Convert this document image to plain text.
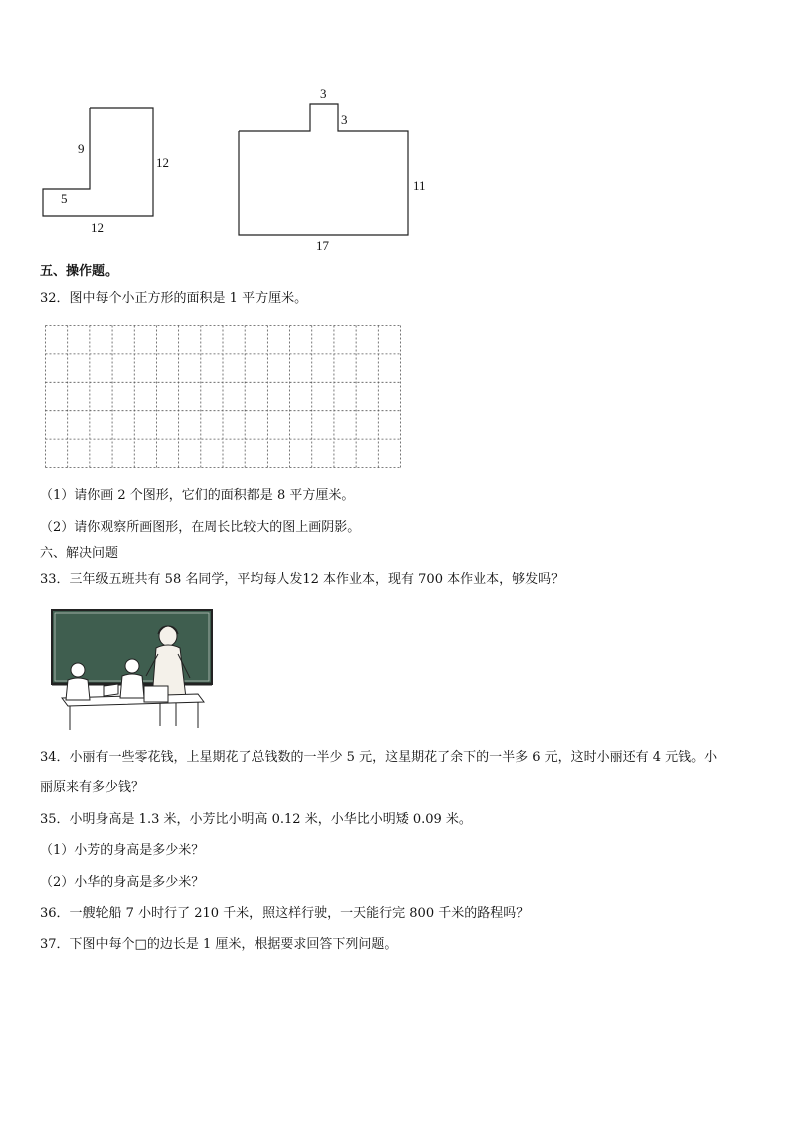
9
12
5
12
3
3
11
17
五、操作题。
32．图中每个小正方形的面积是 1 平方厘米。
（1）请你画 2 个图形，它们的面积都是 8 平方厘米。
（2）请你观察所画图形，在周长比较大的图上画阴影。
六、解决问题
33．三年级五班共有 58 名同学，平均每人发12 本作业本，现有 700 本作业本，够发吗？
34．小丽有一些零花钱，上星期花了总钱数的一半少 5 元，这星期花了余下的一半多 6 元，这时小丽还有 4 元钱。小
丽原来有多少钱？
35．小明身高是 1.3 米，小芳比小明高 0.12 米，小华比小明矮 0.09 米。
（1）小芳的身高是多少米？
（2）小华的身高是多少米？
36．一艘轮船 7 小时行了 210 千米，照这样行驶，一天能行完 800 千米的路程吗？
37．下图中每个□的边长是 1 厘米，根据要求回答下列问题。
